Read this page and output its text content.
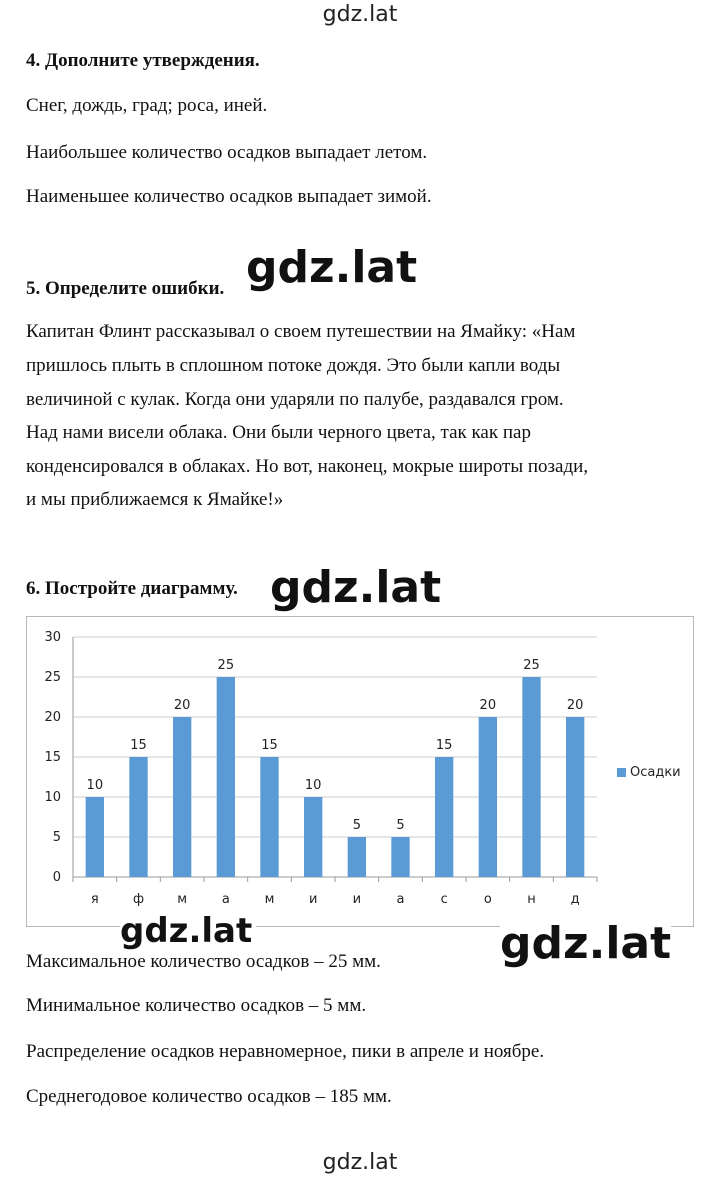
gdz.lat
4. Дополните утверждения.
Снег, дождь, град; роса, иней.
Наибольшее количество осадков выпадает летом.
Наименьшее количество осадков выпадает зимой.
5. Определите ошибки.
Капитан Флинт рассказывал о своем путешествии на Ямайку: «Нам
пришлось плыть в сплошном потоке дождя. Это были капли воды
величиной с кулак. Когда они ударяли по палубе, раздавался гром.
Над нами висели облака. Они были черного цвета, так как пар
конденсировался в облаках. Но вот, наконец, мокрые широты позади,
и мы приближаемся к Ямайке!»
6. Постройте диаграмму.
0
5
10
15
20
25
30
10
я
15
ф
20
м
25
а
15
м
10
и
5
и
5
а
15
с
20
о
25
н
20
д
Осадки
Максимальное количество осадков – 25 мм.
Минимальное количество осадков – 5 мм.
Распределение осадков неравномерное, пики в апреле и ноябре.
Среднегодовое количество осадков – 185 мм.
gdz.lat
gdz.lat
gdz.lat	gdz.lat
gdz.lat
